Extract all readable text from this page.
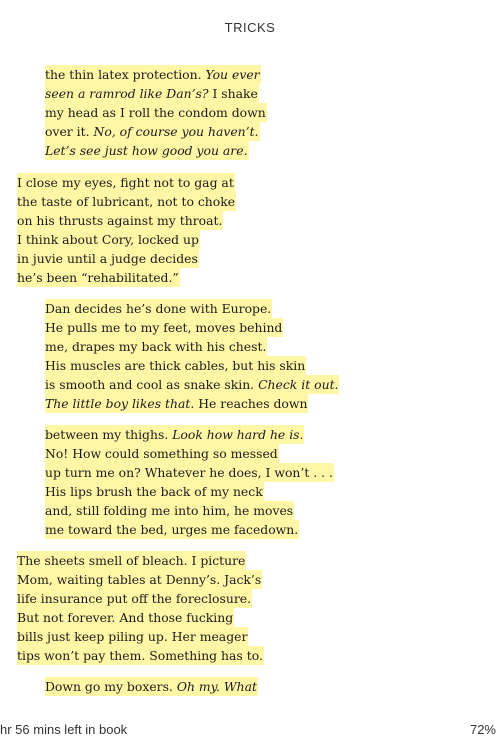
TRICKS
the thin latex protection. You ever
seen a ramrod like Dan’s? I shake
my head as I roll the condom down
over it. No, of course you haven’t.
Let’s see just how good you are.
I close my eyes, fight not to gag at
the taste of lubricant, not to choke
on his thrusts against my throat.
I think about Cory, locked up
in juvie until a judge decides
he’s been “rehabilitated.”
Dan decides he’s done with Europe.
He pulls me to my feet, moves behind
me, drapes my back with his chest.
His muscles are thick cables, but his skin
is smooth and cool as snake skin. Check it out.
The little boy likes that. He reaches down
between my thighs. Look how hard he is.
No! How could something so messed
up turn me on? Whatever he does, I won’t . . .
His lips brush the back of my neck
and, still folding me into him, he moves
me toward the bed, urges me facedown.
The sheets smell of bleach. I picture
Mom, waiting tables at Denny’s. Jack’s
life insurance put off the foreclosure.
But not forever. And those fucking
bills just keep piling up. Her meager
tips won’t pay them. Something has to.
Down go my boxers. Oh my. What
hr 56 mins left in book	72%
